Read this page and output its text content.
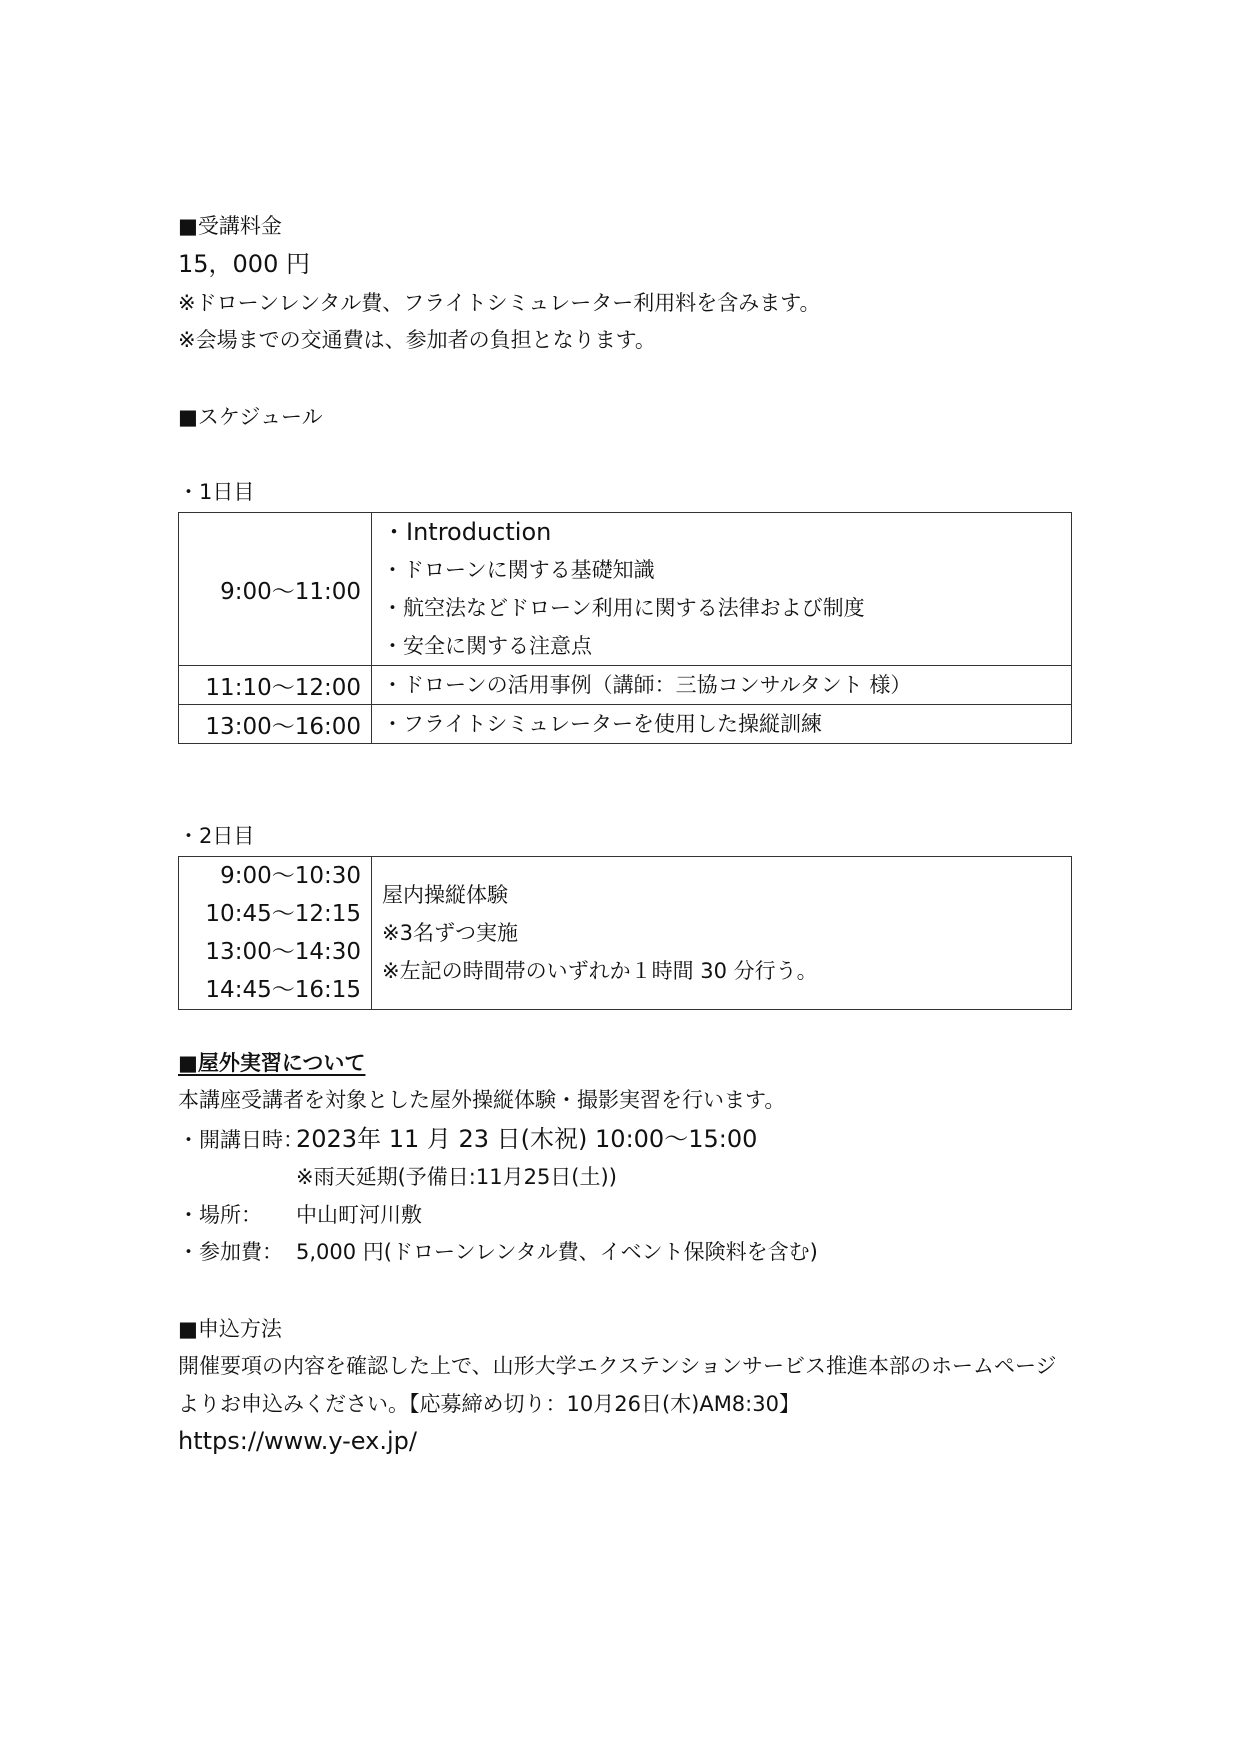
■受講料金
15，000 円
※ドローンレンタル費、フライトシミュレーター利用料を含みます。
※会場までの交通費は、参加者の負担となります。
■スケジュール
・1日目
9:00～11:00	・Introduction
・ドローンに関する基礎知識
・航空法などドローン利用に関する法律および制度
・安全に関する注意点

11:10～12:00	・ドローンの活用事例（講師：三協コンサルタント 様）

13:00～16:00	・フライトシミュレーターを使用した操縦訓練
・2日目
9:00～10:30
10:45～12:15
13:00～14:30
14:45～16:15

屋内操縦体験
※3名ずつ実施
※左記の時間帯のいずれか１時間 30 分行う。
■屋外実習について
本講座受講者を対象とした屋外操縦体験・撮影実習を行います。
・開講日時：2023年 11 月 23 日(木祝) 10:00～15:00
※雨天延期(予備日:11月25日(土))
・場所： 中山町河川敷
・参加費： 5,000 円(ドローンレンタル費、イベント保険料を含む)
■申込方法
開催要項の内容を確認した上で、山形大学エクステンションサービス推進本部のホームページ
よりお申込みください。【応募締め切り：10月26日(木)AM8:30】
https://www.y-ex.jp/
